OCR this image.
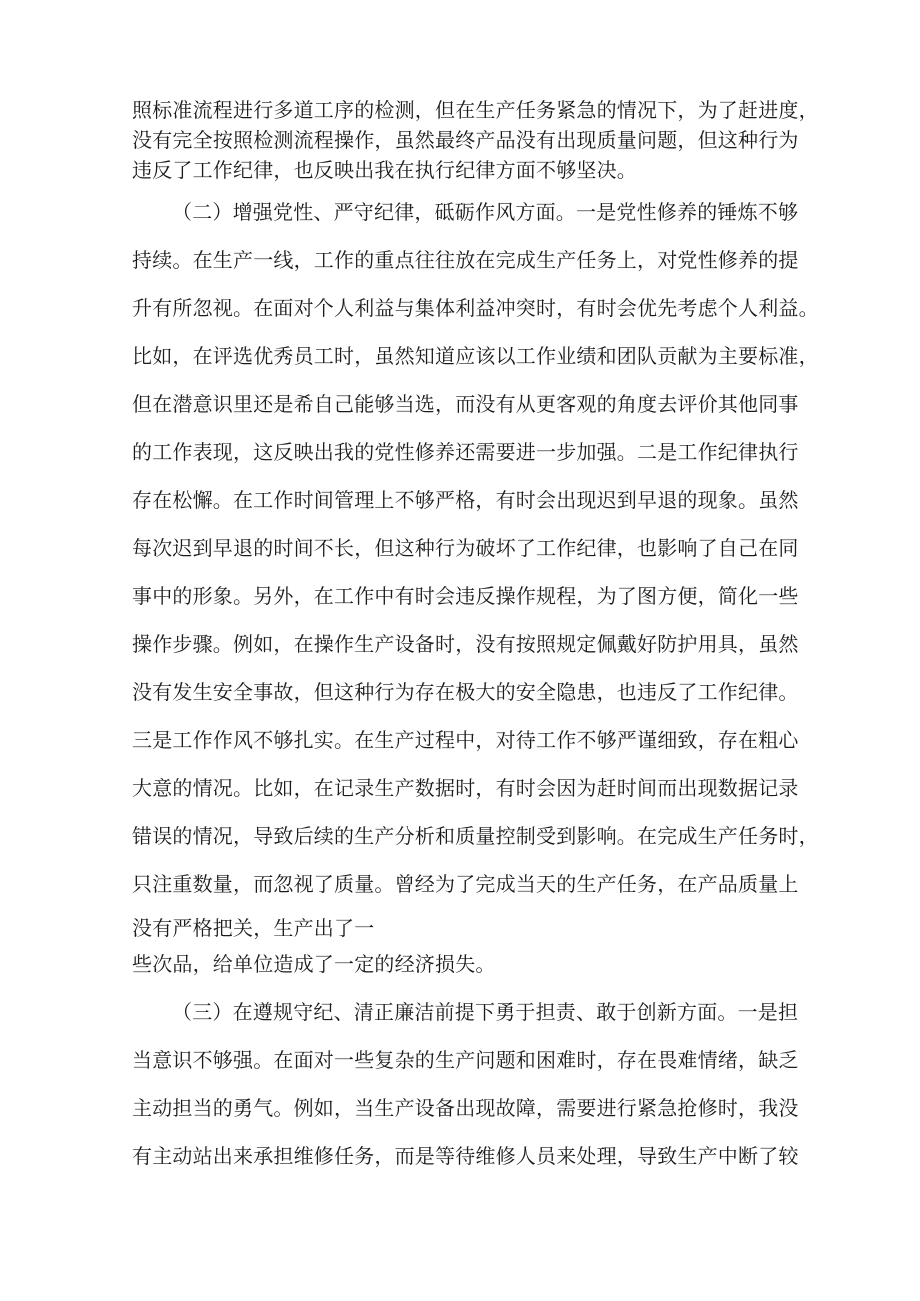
照标准流程进行多道工序的检测，但在生产任务紧急的情况下，为了赶进度，

没有完全按照检测流程操作，虽然最终产品没有出现质量问题，但这种行为

违反了工作纪律，也反映出我在执行纪律方面不够坚决。

（二）增强党性、严守纪律，砥砺作风方面。一是党性修养的锤炼不够

持续。在生产一线，工作的重点往往放在完成生产任务上，对党性修养的提

升有所忽视。在面对个人利益与集体利益冲突时，有时会优先考虑个人利益。

比如，在评选优秀员工时，虽然知道应该以工作业绩和团队贡献为主要标准，

但在潜意识里还是希自己能够当选，而没有从更客观的角度去评价其他同事

的工作表现，这反映出我的党性修养还需要进一步加强。二是工作纪律执行

存在松懈。在工作时间管理上不够严格，有时会出现迟到早退的现象。虽然

每次迟到早退的时间不长，但这种行为破坏了工作纪律，也影响了自己在同

事中的形象。另外，在工作中有时会违反操作规程，为了图方便，简化一些

操作步骤。例如，在操作生产设备时，没有按照规定佩戴好防护用具，虽然

没有发生安全事故，但这种行为存在极大的安全隐患，也违反了工作纪律。

三是工作作风不够扎实。在生产过程中，对待工作不够严谨细致，存在粗心

大意的情况。比如，在记录生产数据时，有时会因为赶时间而出现数据记录

错误的情况，导致后续的生产分析和质量控制受到影响。在完成生产任务时，

只注重数量，而忽视了质量。曾经为了完成当天的生产任务，在产品质量上

没有严格把关，生产出了一

些次品，给单位造成了一定的经济损失。

（三）在遵规守纪、清正廉洁前提下勇于担责、敢于创新方面。一是担

当意识不够强。在面对一些复杂的生产问题和困难时，存在畏难情绪，缺乏

主动担当的勇气。例如，当生产设备出现故障，需要进行紧急抢修时，我没

有主动站出来承担维修任务，而是等待维修人员来处理，导致生产中断了较
